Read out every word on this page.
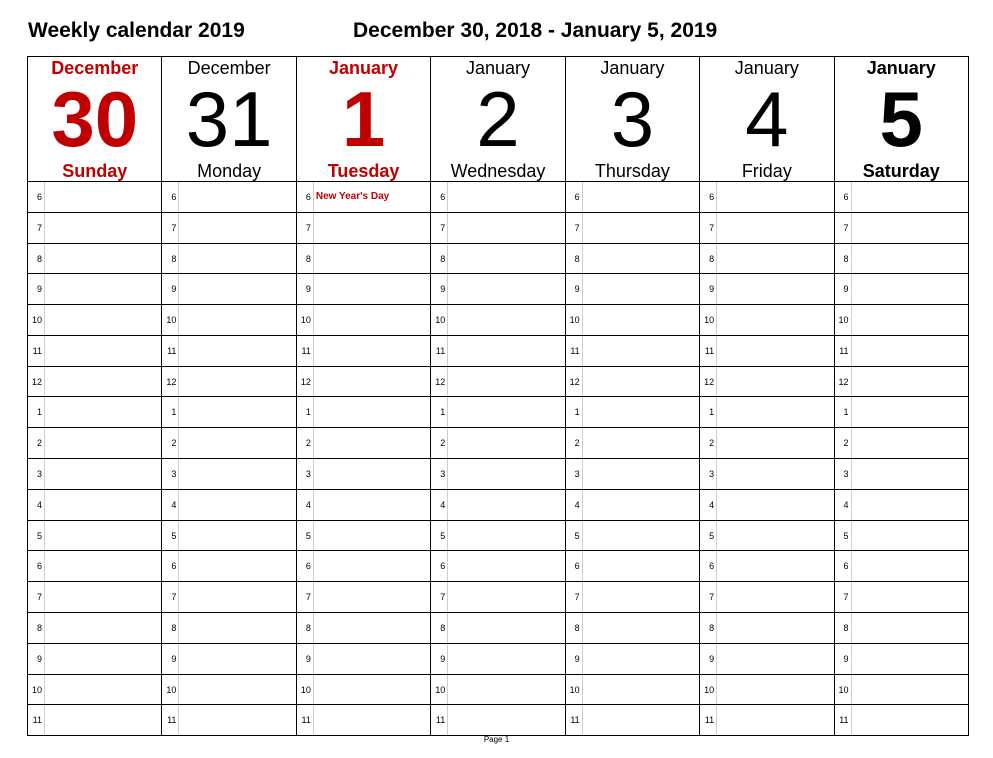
Weekly calendar 2019	December 30, 2018 - January 5, 2019
December
30
Sunday
6
7
8
9
10
11
12
1
2
3
4
5
6
7
8
9
10
11
December
31
Monday
6
7
8
9
10
11
12
1
2
3
4
5
6
7
8
9
10
11
January
1
Tuesday
6 New Year's Day
7
8
9
10
11
12
1
2
3
4
5
6
7
8
9
10
11
January
2
Wednesday
6
7
8
9
10
11
12
1
2
3
4
5
6
7
8
9
10
11
January
3
Thursday
6
7
8
9
10
11
12
1
2
3
4
5
6
7
8
9
10
11
January
4
Friday
6
7
8
9
10
11
12
1
2
3
4
5
6
7
8
9
10
11
January
5
Saturday
6
7
8
9
10
11
12
1
2
3
4
5
6
7
8
9
10
11
Page 1
